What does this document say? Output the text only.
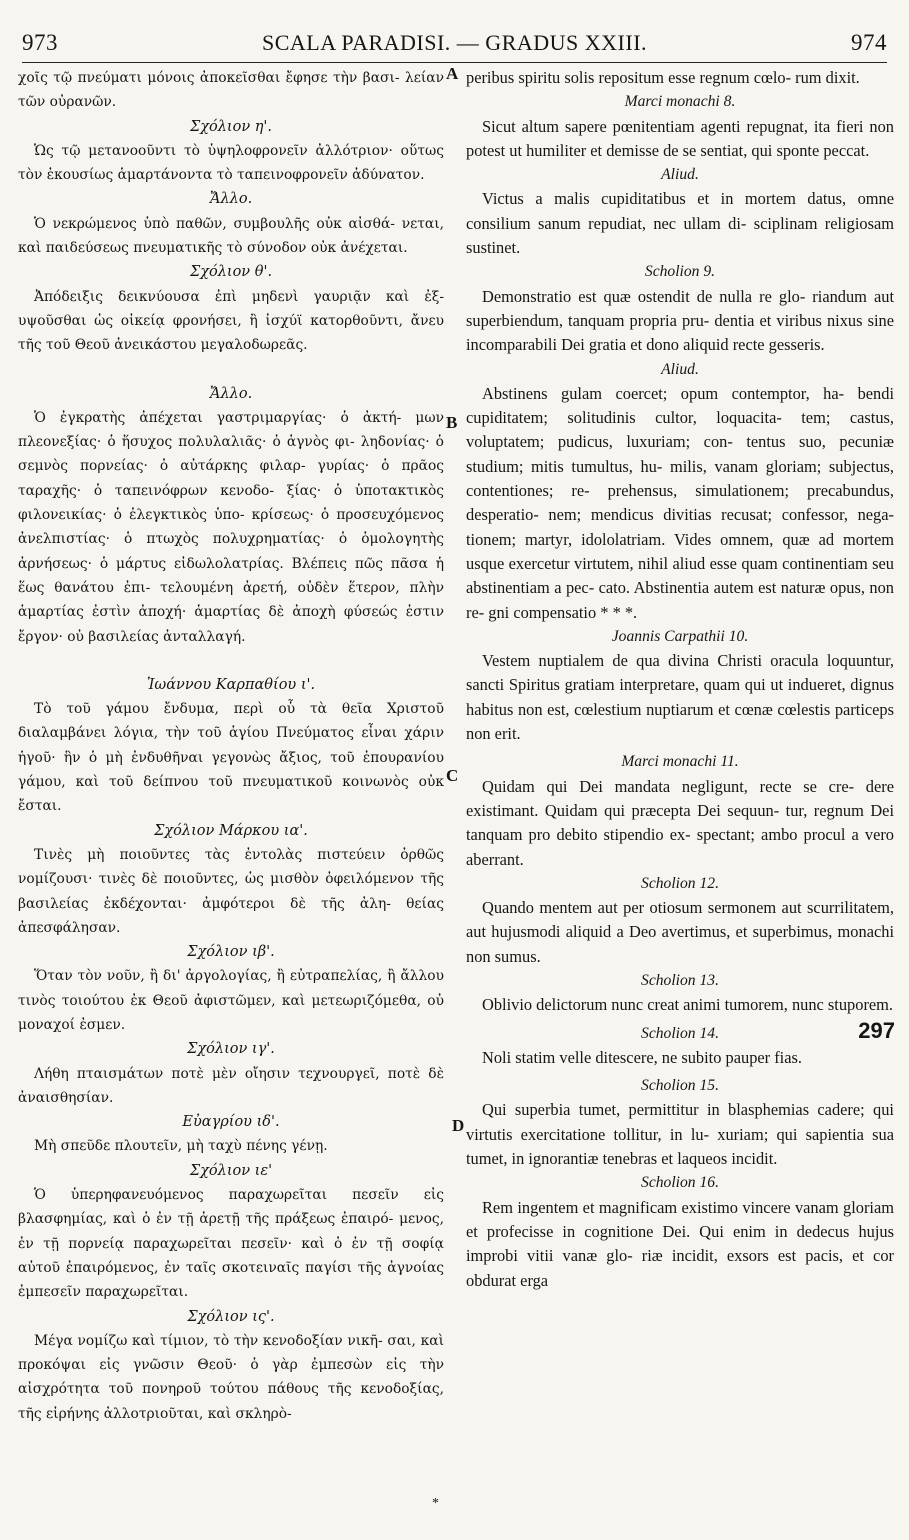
973	SCALA PARADISI. — GRADUS XXIII.	974

χοῖς τῷ πνεύματι μόνοις ἀποκεῖσθαι ἔφησε τὴν βασι- λείαν τῶν οὐρανῶν.

Σχόλιον η'.

Ὡς τῷ μετανοοῦντι τὸ ὑψηλοφρονεῖν ἀλλότριον· οὕτως τὸν ἑκουσίως ἁμαρτάνοντα τὸ ταπεινοφρονεῖν ἀδύνατον.

Ἄλλο.

Ὁ νεκρώμενος ὑπὸ παθῶν, συμβουλῆς οὐκ αἰσθά- νεται, καὶ παιδεύσεως πνευματικῆς τὸ σύνοδον οὐκ ἀνέχεται.

Σχόλιον θ'.

Ἀπόδειξις δεικνύουσα ἐπὶ μηδενὶ γαυριᾷν καὶ ἐξ- υψοῦσθαι ὡς οἰκείᾳ φρονήσει, ἢ ἰσχύϊ κατορθοῦντι, ἄνευ τῆς τοῦ Θεοῦ ἀνεικάστου μεγαλοδωρεᾶς.

Ἄλλο.

Ὁ ἐγκρατὴς ἀπέχεται γαστριμαργίας· ὁ ἀκτή- μων πλεονεξίας· ὁ ἥσυχος πολυλαλιᾶς· ὁ ἁγνὸς φι- ληδονίας· ὁ σεμνὸς πορνείας· ὁ αὐτάρκης φιλαρ- γυρίας· ὁ πρᾶος ταραχῆς· ὁ ταπεινόφρων κενοδο- ξίας· ὁ ὑποτακτικὸς φιλονεικίας· ὁ ἐλεγκτικὸς ὑπο- κρίσεως· ὁ προσευχόμενος ἀνελπιστίας· ὁ πτωχὸς πολυχρηματίας· ὁ ὁμολογητὴς ἀρνήσεως· ὁ μάρτυς εἰδωλολατρίας. Βλέπεις πῶς πᾶσα ἡ ἕως θανάτου ἐπι- τελουμένη ἀρετή, οὐδὲν ἕτερον, πλὴν ἁμαρτίας ἐστὶν ἀποχή· ἁμαρτίας δὲ ἀποχὴ φύσεώς ἐστιν ἔργον· οὐ βασιλείας ἀνταλλαγή.

Ἰωάννου Καρπαθίου ι'.

Τὸ τοῦ γάμου ἔνδυμα, περὶ οὗ τὰ θεῖα Χριστοῦ διαλαμβάνει λόγια, τὴν τοῦ ἁγίου Πνεύματος εἶναι χάριν ἡγοῦ· ἣν ὁ μὴ ἐνδυθῆναι γεγονὼς ἄξιος, τοῦ ἐπουρανίου γάμου, καὶ τοῦ δείπνου τοῦ πνευματικοῦ κοινωνὸς οὐκ ἔσται.

Σχόλιον Μάρκου ια'.

Τινὲς μὴ ποιοῦντες τὰς ἐντολὰς πιστεύειν ὀρθῶς νομίζουσι· τινὲς δὲ ποιοῦντες, ὡς μισθὸν ὀφειλόμενον τῆς βασιλείας ἐκδέχονται· ἀμφότεροι δὲ τῆς ἀλη- θείας ἀπεσφάλησαν.

Σχόλιον ιβ'.

Ὅταν τὸν νοῦν, ἢ δι' ἀργολογίας, ἢ εὐτραπελίας, ἢ ἄλλου τινὸς τοιούτου ἐκ Θεοῦ ἀφιστῶμεν, καὶ μετεωριζόμεθα, οὐ μοναχοί ἐσμεν.

Σχόλιον ιγ'.

Λήθη πταισμάτων ποτὲ μὲν οἴησιν τεχνουργεῖ, ποτὲ δὲ ἀναισθησίαν.

Εὐαγρίου ιδ'.

Μὴ σπεῦδε πλουτεῖν, μὴ ταχὺ πένης γένῃ.

Σχόλιον ιε'

Ὁ ὑπερηφανευόμενος παραχωρεῖται πεσεῖν εἰς βλασφημίας, καὶ ὁ ἐν τῇ ἀρετῇ τῆς πράξεως ἐπαιρό- μενος, ἐν τῇ πορνείᾳ παραχωρεῖται πεσεῖν· καὶ ὁ ἐν τῇ σοφίᾳ αὐτοῦ ἐπαιρόμενος, ἐν ταῖς σκοτειναῖς παγίσι τῆς ἀγνοίας ἐμπεσεῖν παραχωρεῖται.

Σχόλιον ις'.

Μέγα νομίζω καὶ τίμιον, τὸ τὴν κενοδοξίαν νικῆ- σαι, καὶ προκόψαι εἰς γνῶσιν Θεοῦ· ὁ γὰρ ἐμπεσὼν εἰς τὴν αἰσχρότητα τοῦ πονηροῦ τούτου πάθους τῆς κενοδοξίας, τῆς εἰρήνης ἀλλοτριοῦται, καὶ σκληρὸ-

peribus spiritu solis repositum esse regnum cœlo- rum dixit.

Marci monachi 8.

Sicut altum sapere pœnitentiam agenti repugnat, ita fieri non potest ut humiliter et demisse de se sentiat, qui sponte peccat.

Aliud.

Victus a malis cupiditatibus et in mortem datus, omne consilium sanum repudiat, nec ullam di- sciplinam religiosam sustinet.

Scholion 9.

Demonstratio est quæ ostendit de nulla re glo- riandum aut superbiendum, tanquam propria pru- dentia et viribus nixus sine incomparabili Dei gratia et dono aliquid recte gesseris.

Aliud.

Abstinens gulam coercet; opum contemptor, ha- bendi cupiditatem; solitudinis cultor, loquacita- tem; castus, voluptatem; pudicus, luxuriam; con- tentus suo, pecuniæ studium; mitis tumultus, hu- milis, vanam gloriam; subjectus, contentiones; re- prehensus, simulationem; precabundus, desperatio- nem; mendicus divitias recusat; confessor, nega- tionem; martyr, idololatriam. Vides omnem, quæ ad mortem usque exercetur virtutem, nihil aliud esse quam continentiam seu abstinentiam a pec- cato. Abstinentia autem est naturæ opus, non re- gni compensatio * * *.

Joannis Carpathii 10.

Vestem nuptialem de qua divina Christi oracula loquuntur, sancti Spiritus gratiam interpretare, quam qui ut indueret, dignus habitus non est, cœlestium nuptiarum et cœnæ cœlestis particeps non erit.

Marci monachi 11.

Quidam qui Dei mandata negligunt, recte se cre- dere existimant. Quidam qui præcepta Dei sequun- tur, regnum Dei tanquam pro debito stipendio ex- spectant; ambo procul a vero aberrant.

Scholion 12.

Quando mentem aut per otiosum sermonem aut scurrilitatem, aut hujusmodi aliquid a Deo avertimus, et superbimus, monachi non sumus.

Scholion 13.

Oblivio delictorum nunc creat animi tumorem, nunc stuporem.

Scholion 14.

Noli statim velle ditescere, ne subito pauper fias.

Scholion 15.

Qui superbia tumet, permittitur in blasphemias cadere; qui virtutis exercitatione tollitur, in lu- xuriam; qui sapientia sua tumet, in ignorantiæ tenebras et laqueos incidit.

Scholion 16.

Rem ingentem et magnificam existimo vincere vanam gloriam et profecisse in cognitione Dei. Qui enim in dedecus hujus improbi vitii vanæ glo- riæ incidit, exsors est pacis, et cor obdurat erga

A
B
C
D
297
*
